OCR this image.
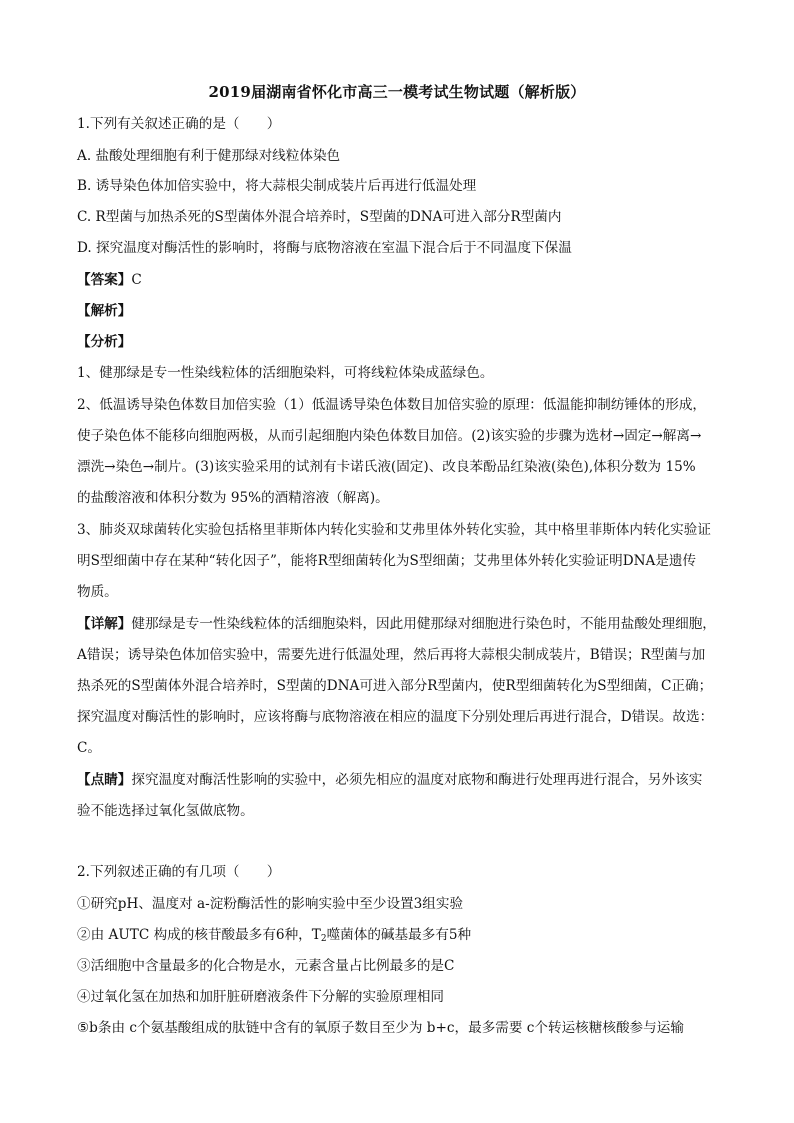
2019届湖南省怀化市高三一模考试生物试题（解析版）
1.下列有关叙述正确的是（　　）
A. 盐酸处理细胞有利于健那绿对线粒体染色
B. 诱导染色体加倍实验中，将大蒜根尖制成装片后再进行低温处理
C. R型菌与加热杀死的S型菌体外混合培养时，S型菌的DNA可进入部分R型菌内
D. 探究温度对酶活性的影响时，将酶与底物溶液在室温下混合后于不同温度下保温
【答案】C
【解析】
【分析】
1、健那绿是专一性染线粒体的活细胞染料，可将线粒体染成蓝绿色。
2、低温诱导染色体数目加倍实验（1）低温诱导染色体数目加倍实验的原理：低温能抑制纺锤体的形成，
使子染色体不能移向细胞两极，从而引起细胞内染色体数目加倍。(2)该实验的步骤为选材→固定→解离→
漂洗→染色→制片。(3)该实验采用的试剂有卡诺氏液(固定)、改良苯酚品红染液(染色),体积分数为 15%
的盐酸溶液和体积分数为 95%的酒精溶液（解离)。
3、肺炎双球菌转化实验包括格里菲斯体内转化实验和艾弗里体外转化实验，其中格里菲斯体内转化实验证
明S型细菌中存在某种“转化因子”，能将R型细菌转化为S型细菌；艾弗里体外转化实验证明DNA是遗传
物质。
【详解】健那绿是专一性染线粒体的活细胞染料，因此用健那绿对细胞进行染色时，不能用盐酸处理细胞，
A错误；诱导染色体加倍实验中，需要先进行低温处理，然后再将大蒜根尖制成装片，B错误；R型菌与加
热杀死的S型菌体外混合培养时，S型菌的DNA可进入部分R型菌内，使R型细菌转化为S型细菌，C正确；
探究温度对酶活性的影响时，应该将酶与底物溶液在相应的温度下分别处理后再进行混合，D错误。故选：
C。
【点睛】探究温度对酶活性影响的实验中，必须先相应的温度对底物和酶进行处理再进行混合，另外该实
验不能选择过氧化氢做底物。
2.下列叙述正确的有几项（　　）
①研究pH、温度对 a-淀粉酶活性的影响实验中至少设置3组实验
②由 AUTC 构成的核苷酸最多有6种，$T_2$噬菌体的碱基最多有5种
③活细胞中含量最多的化合物是水，元素含量占比例最多的是C
④过氧化氢在加热和加肝脏研磨液条件下分解的实验原理相同
⑤b条由 c个氨基酸组成的肽链中含有的氧原子数目至少为 b+c，最多需要 c个转运核糖核酸参与运输
